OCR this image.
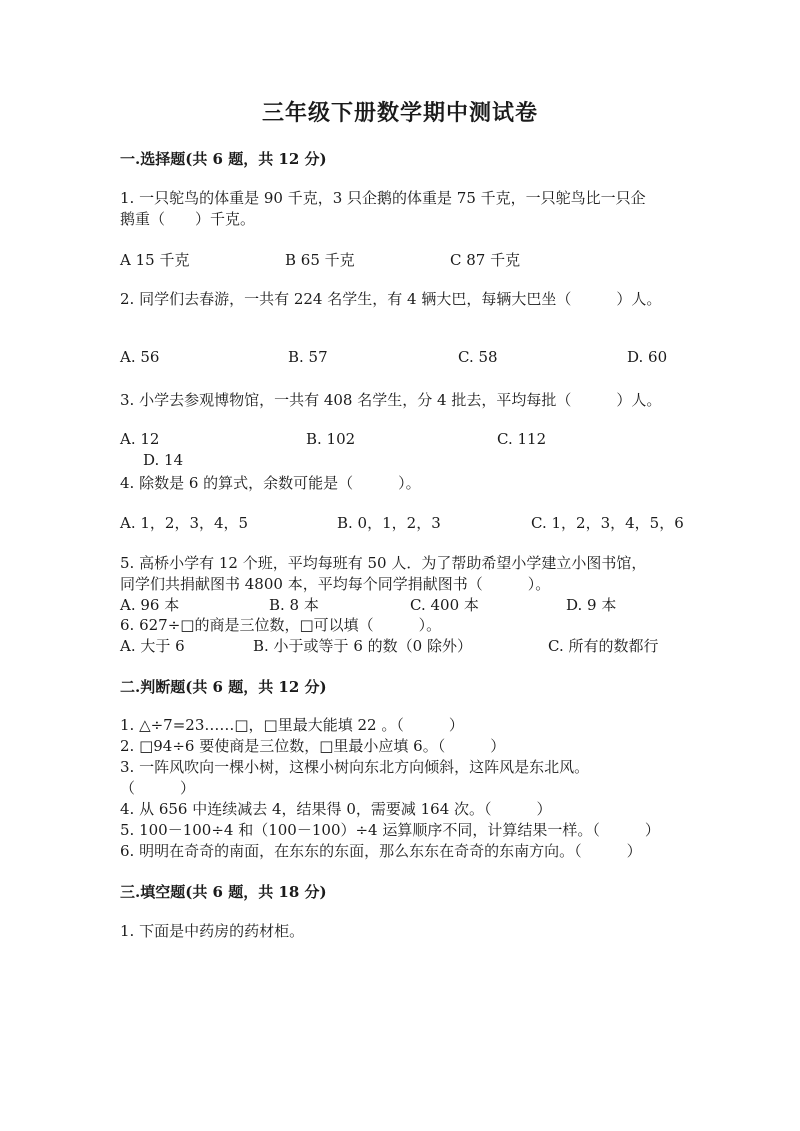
三年级下册数学期中测试卷
一.选择题(共 6 题，共 12 分)
1. 一只鸵鸟的体重是 90 千克，3 只企鹅的体重是 75 千克，一只鸵鸟比一只企
鹅重（　　）千克。
A 15 千克	B 65 千克	C 87 千克
2. 同学们去春游，一共有 224 名学生，有 4 辆大巴，每辆大巴坐（　　　）人。
A. 56	B. 57	C. 58	D. 60
3. 小学去参观博物馆，一共有 408 名学生，分 4 批去，平均每批（　　　）人。
A. 12	B. 102	C. 112
D. 14
4. 除数是 6 的算式，余数可能是（　　　）。
A. 1，2，3，4，5	B. 0，1，2，3	C. 1，2，3，4，5，6
5. 高桥小学有 12 个班，平均每班有 50 人．为了帮助希望小学建立小图书馆，
同学们共捐献图书 4800 本，平均每个同学捐献图书（　　　）。
A. 96 本	B. 8 本	C. 400 本	D. 9 本
6. 627÷□的商是三位数，□可以填（　　　）。
A. 大于 6	B. 小于或等于 6 的数（0 除外）	C. 所有的数都行
二.判断题(共 6 题，共 12 分)
1. △÷7=23……□，□里最大能填 22 。（　　　）
2. □94÷6 要使商是三位数，□里最小应填 6。（　　　）
3. 一阵风吹向一棵小树，这棵小树向东北方向倾斜，这阵风是东北风。
（　　　）
4. 从 656 中连续减去 4，结果得 0，需要减 164 次。（　　　）
5. 100－100÷4 和（100－100）÷4 运算顺序不同，计算结果一样。（　　　）
6. 明明在奇奇的南面，在东东的东面，那么东东在奇奇的东南方向。（　　　）
三.填空题(共 6 题，共 18 分)
1. 下面是中药房的药材柜。
